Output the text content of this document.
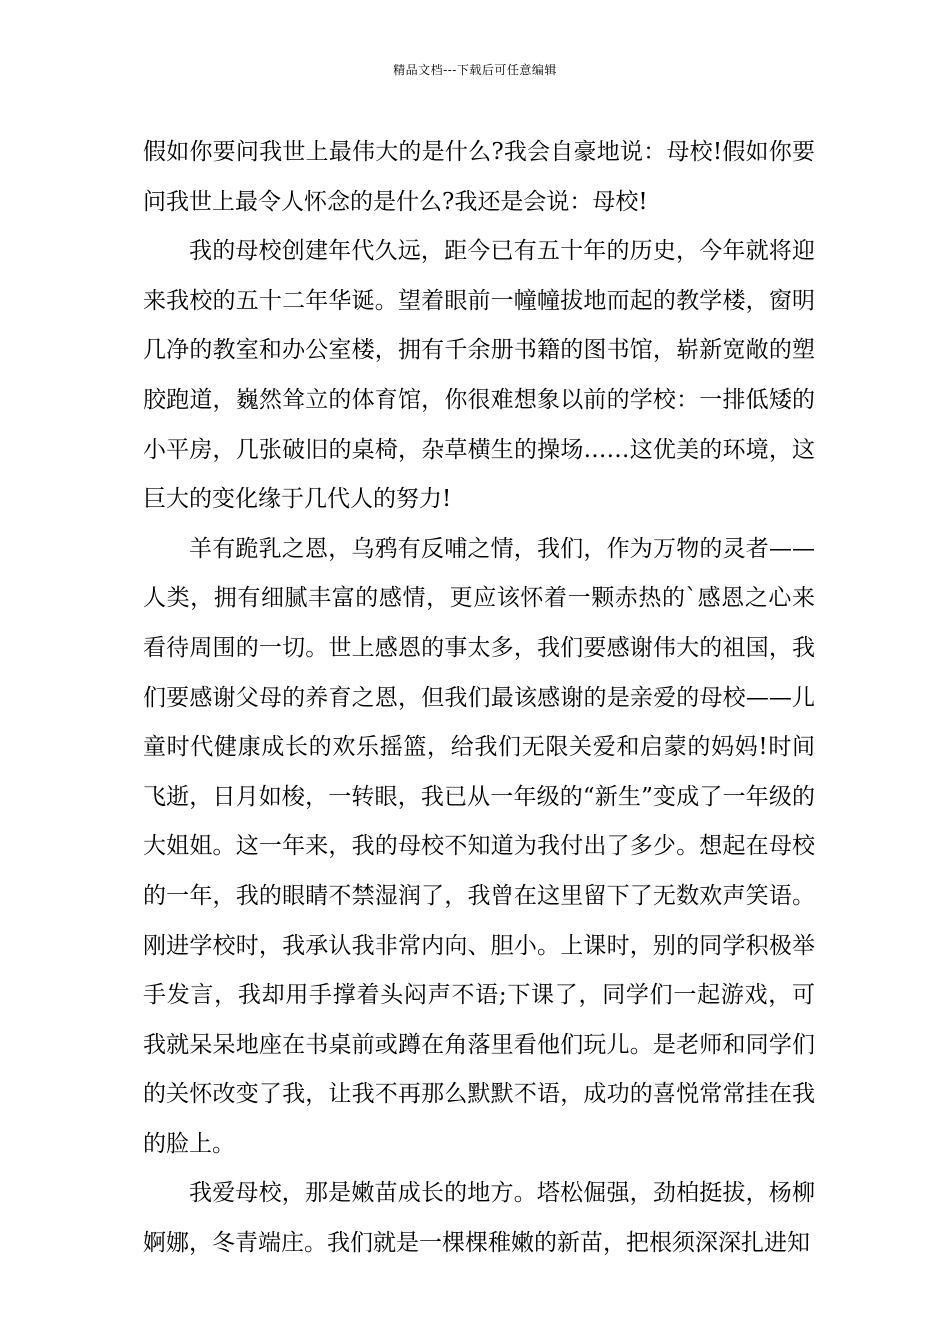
精品文档---下载后可任意编辑

假如你要问我世上最伟大的是什么?我会自豪地说：母校!假如你要问我世上最令人怀念的是什么?我还是会说：母校!

我的母校创建年代久远，距今已有五十年的历史，今年就将迎来我校的五十二年华诞。望着眼前一幢幢拔地而起的教学楼，窗明几净的教室和办公室楼，拥有千余册书籍的图书馆，崭新宽敞的塑胶跑道，巍然耸立的体育馆，你很难想象以前的学校：一排低矮的小平房，几张破旧的桌椅，杂草横生的操场……这优美的环境，这巨大的变化缘于几代人的努力!

羊有跪乳之恩，乌鸦有反哺之情，我们，作为万物的灵者——人类，拥有细腻丰富的感情，更应该怀着一颗赤热的`感恩之心来看待周围的一切。世上感恩的事太多，我们要感谢伟大的祖国，我们要感谢父母的养育之恩，但我们最该感谢的是亲爱的母校——儿童时代健康成长的欢乐摇篮，给我们无限关爱和启蒙的妈妈!时间飞逝，日月如梭，一转眼，我已从一年级的“新生”变成了一年级的大姐姐。这一年来，我的母校不知道为我付出了多少。想起在母校的一年，我的眼睛不禁湿润了，我曾在这里留下了无数欢声笑语。刚进学校时，我承认我非常内向、胆小。上课时，别的同学积极举手发言，我却用手撑着头闷声不语;下课了，同学们一起游戏，可我就呆呆地座在书桌前或蹲在角落里看他们玩儿。是老师和同学们的关怀改变了我，让我不再那么默默不语，成功的喜悦常常挂在我的脸上。

我爱母校，那是嫩苗成长的地方。塔松倔强，劲柏挺拔，杨柳婀娜，冬青端庄。我们就是一棵棵稚嫩的新苗，把根须深深扎进知
